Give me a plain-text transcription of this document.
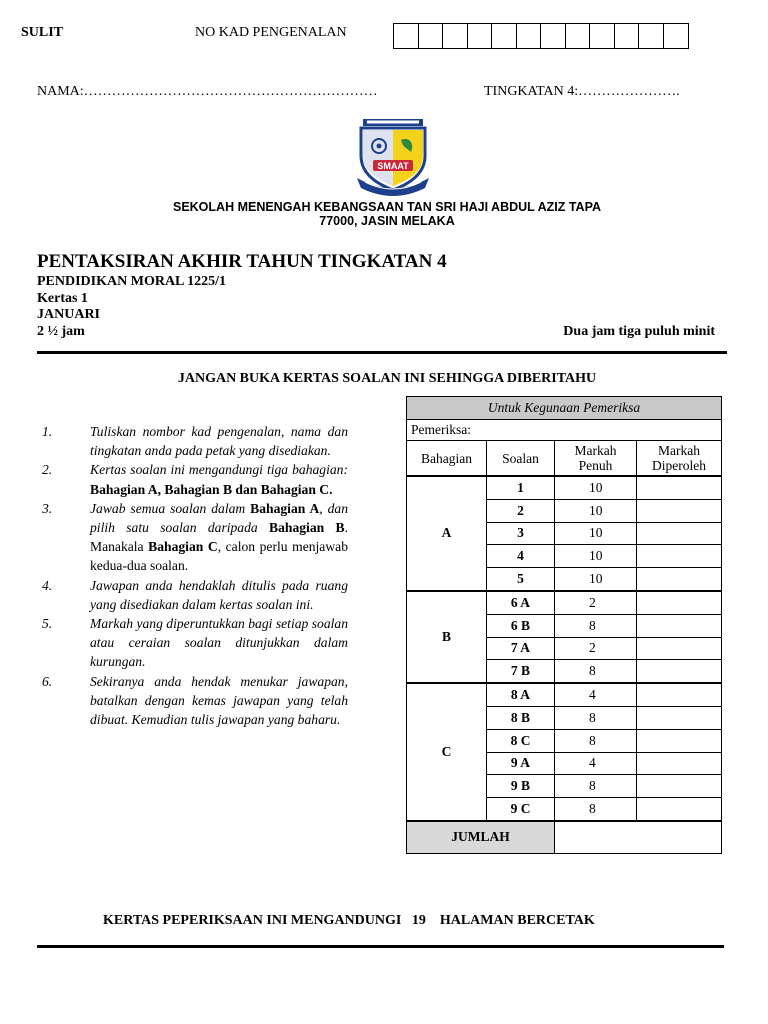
SULIT	NO KAD PENGENALAN
NAMA:………………………………………………………	TINGKATAN 4:………………….
SMAAT
SEKOLAH MENENGAH KEBANGSAAN TAN SRI HAJI ABDUL AZIZ TAPA
77000, JASIN MELAKA
PENTAKSIRAN AKHIR TAHUN TINGKATAN 4
PENDIDIKAN MORAL 1225/1
Kertas 1
JANUARI
2 ½ jam	Dua jam tiga puluh minit
JANGAN BUKA KERTAS SOALAN INI SEHINGGA DIBERITAHU
1.	Tuliskan nombor kad pengenalan, nama dan tingkatan anda pada petak yang disediakan.
2.	Kertas soalan ini mengandungi tiga bahagian: Bahagian A, Bahagian B dan Bahagian C.
3.	Jawab semua soalan dalam Bahagian A, dan pilih satu soalan daripada Bahagian B. Manakala Bahagian C, calon perlu menjawab kedua-dua soalan.
4.	Jawapan anda hendaklah ditulis pada ruang yang disediakan dalam kertas soalan ini.
5.	Markah yang diperuntukkan bagi setiap soalan atau ceraian soalan ditunjukkan dalam kurungan.
6.	Sekiranya anda hendak menukar jawapan, batalkan dengan kemas jawapan yang telah dibuat. Kemudian tulis jawapan yang baharu.
Untuk Kegunaan Pemeriksa			
Pemeriksa:			
Bahagian	Soalan	Markah Penuh	Markah Diperoleh
A	1	10	
	2	10	
	3	10	
	4	10	
	5	10	
B	6 A	2	
	6 B	8	
	7 A	2	
	7 B	8	
C	8 A	4	
	8 B	8	
	8 C	8	
	9 A	4	
	9 B	8	
	9 C	8	
JUMLAH			
KERTAS PEPERIKSAAN INI MENGANDUNGI 19 HALAMAN BERCETAK
